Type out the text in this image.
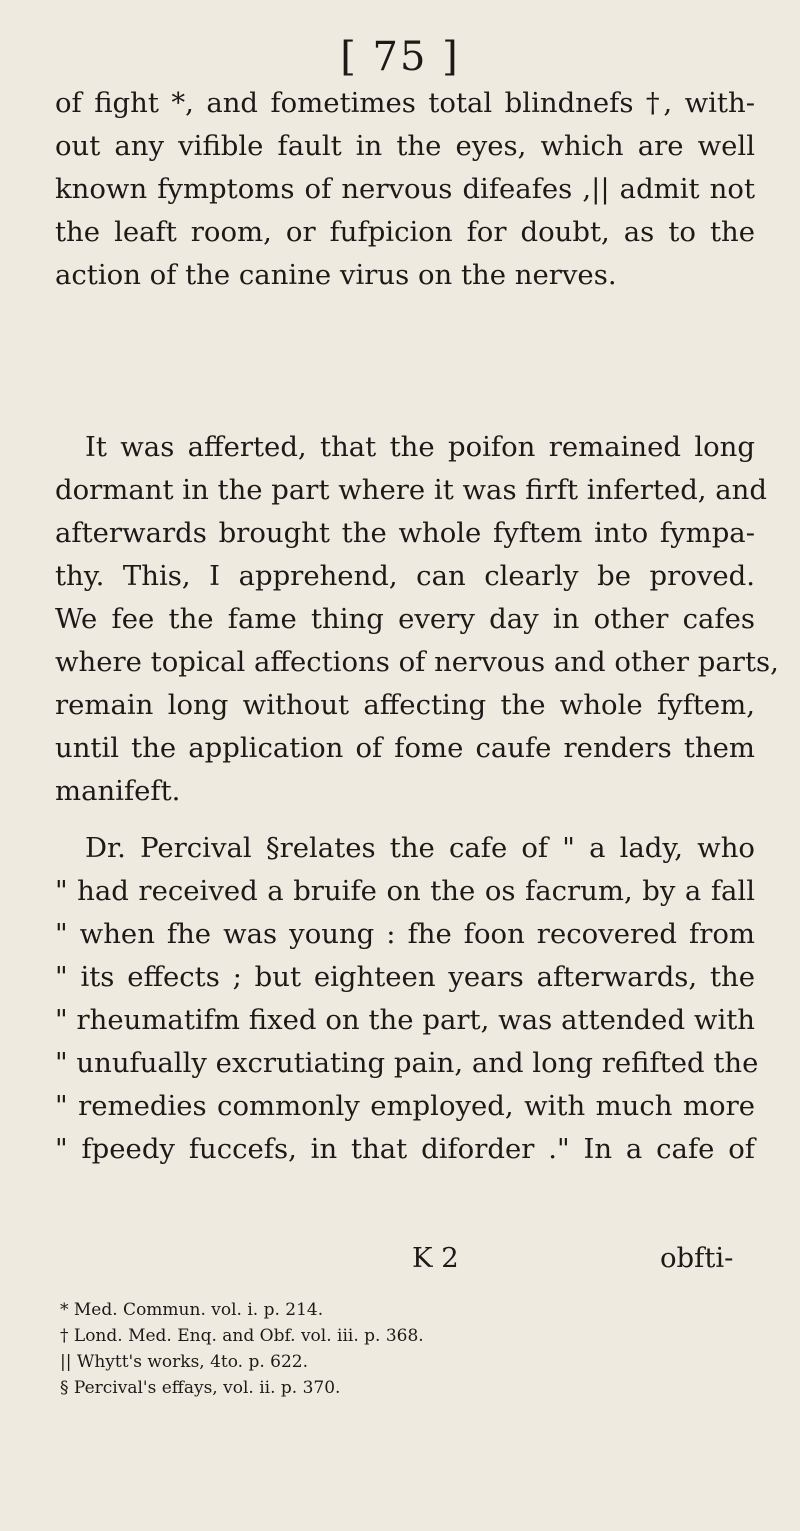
[ 75 ]
of fight *, and fometimes total blindnefs †, with-
out any vifible fault in the eyes, which are well
known fymptoms of nervous difeafes ,|| admit not
the leaft room, or fufpicion for doubt, as to the
action of the canine virus on the nerves.
It was afferted, that the poifon remained long
dormant in the part where it was firft inferted, and
afterwards brought the whole fyftem into fympa-
thy. This, I apprehend, can clearly be proved.
We fee the fame thing every day in other cafes
where topical affections of nervous and other parts,
remain long without affecting the whole fyftem,
until the application of fome caufe renders them
manifeft.
Dr. Percival §relates the cafe of " a lady, who
" had received a bruife on the os facrum, by a fall
" when fhe was young : fhe foon recovered from
" its effects ; but eighteen years afterwards, the
" rheumatifm fixed on the part, was attended with
" unufually excrutiating pain, and long refifted the
" remedies commonly employed, with much more
" fpeedy fuccefs, in that diforder ." In a cafe of
K 2	obfti-
* Med. Commun. vol. i. p. 214.
† Lond. Med. Enq. and Obf. vol. iii. p. 368.
|| Whytt's works, 4to. p. 622.
§ Percival's effays, vol. ii. p. 370.
